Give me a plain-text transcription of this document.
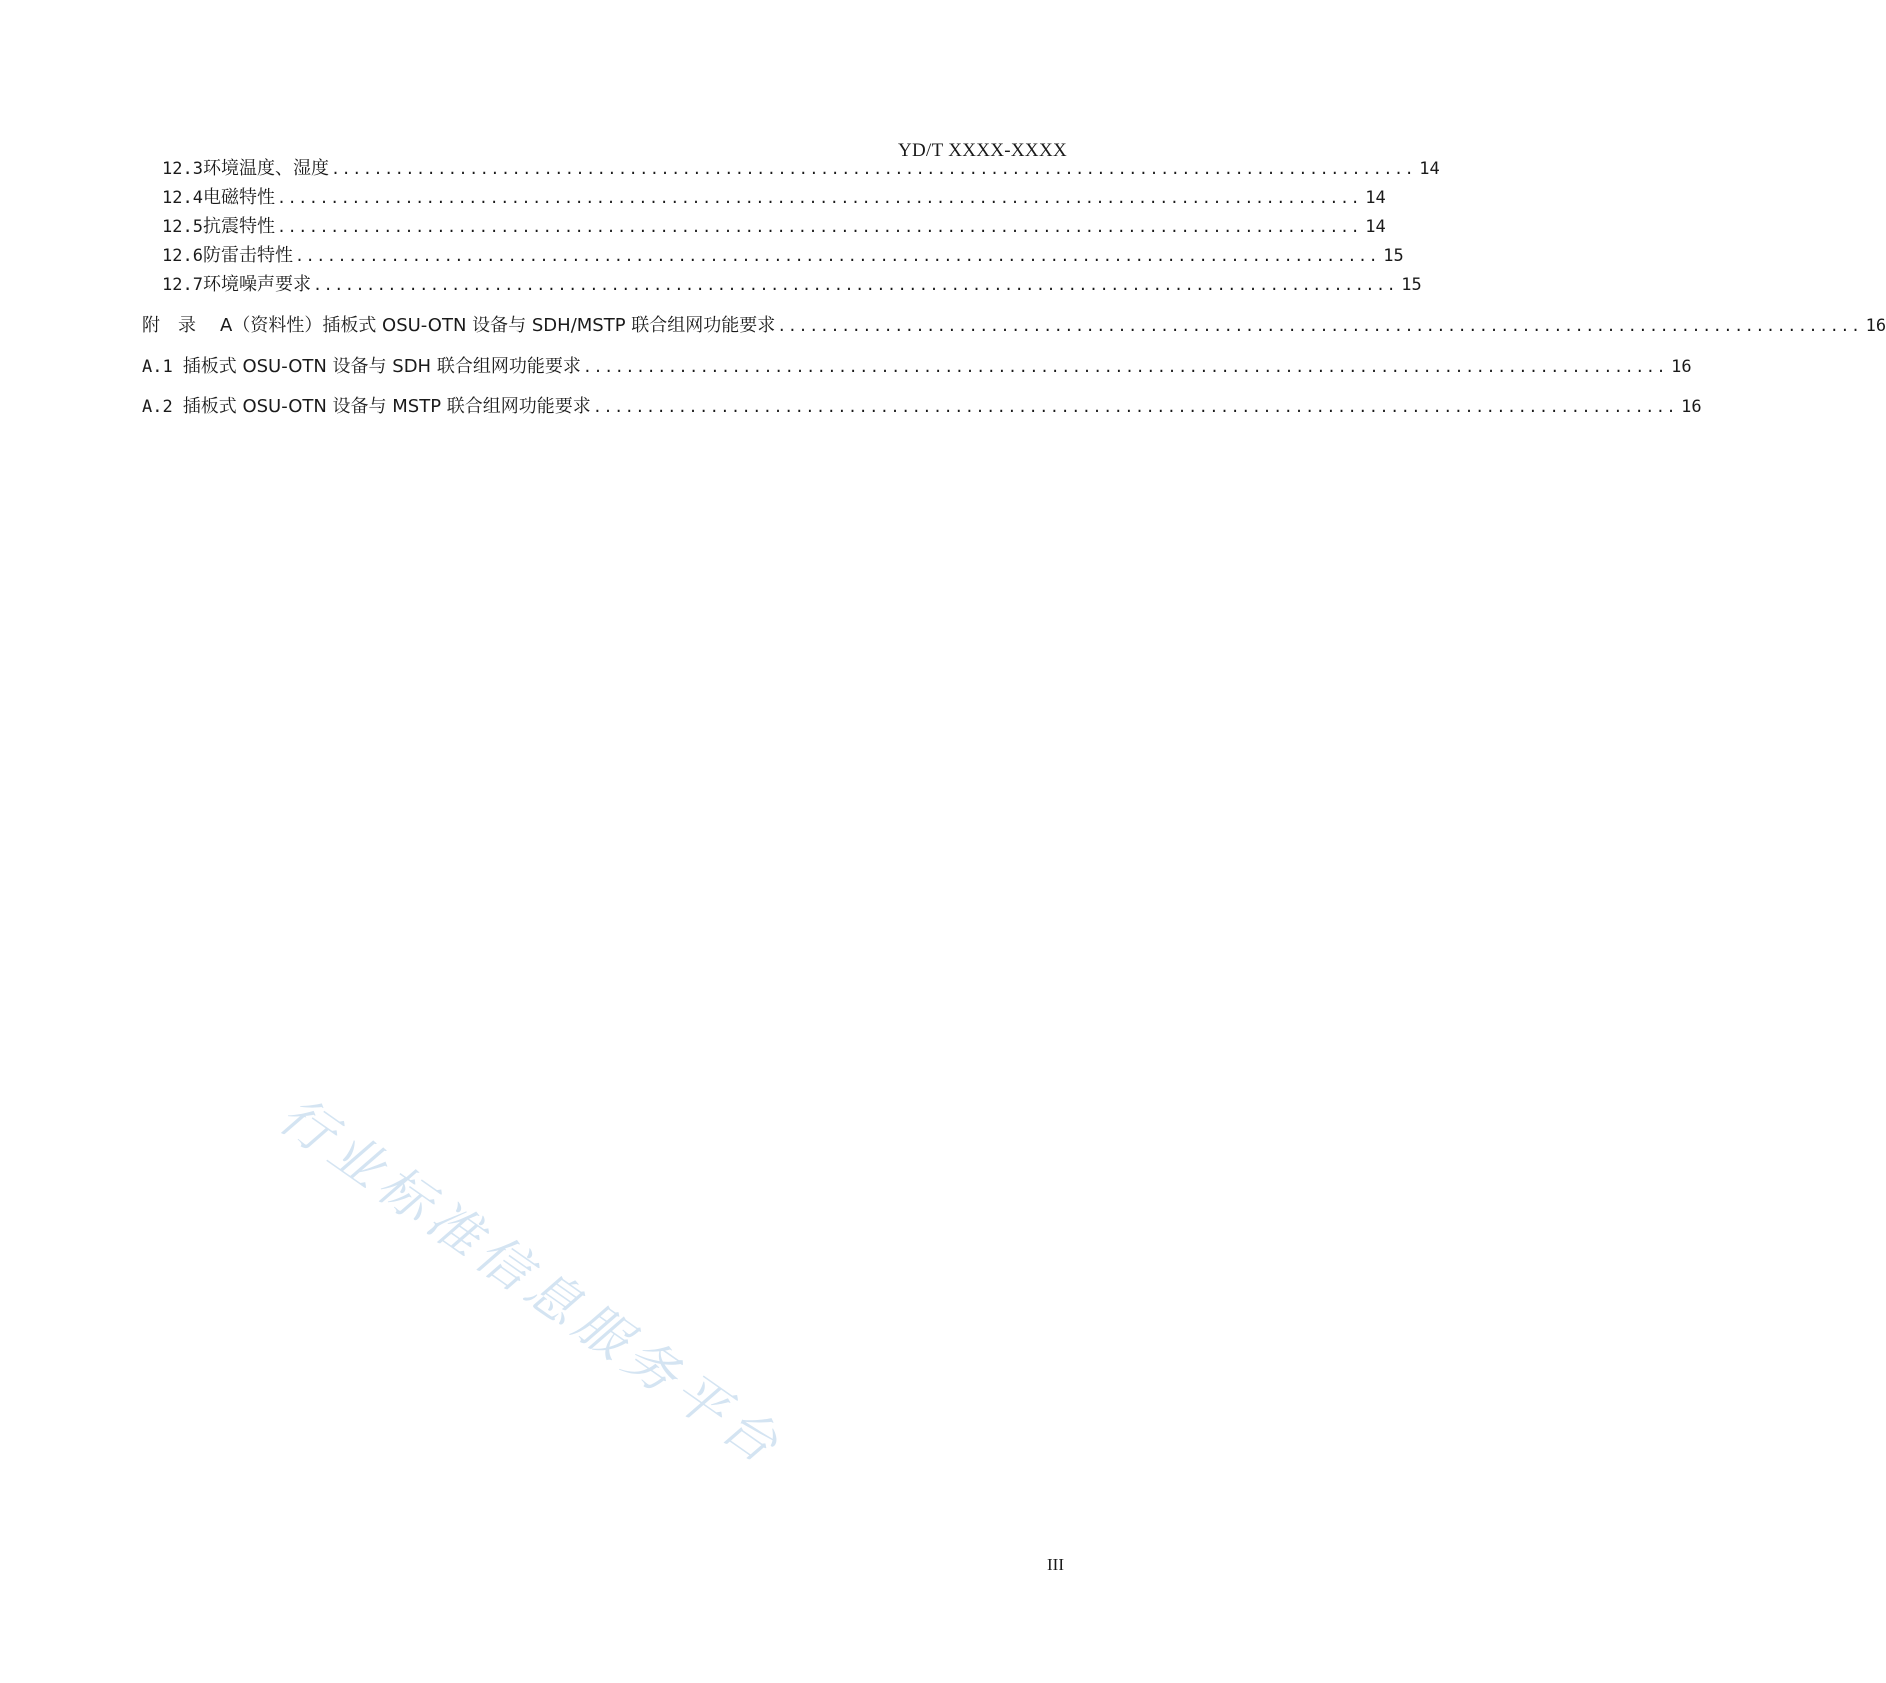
YD/T XXXX-XXXX
12.3 环境温度、湿度 ...................................................................................................... 14
12.4 电磁特性 ...................................................................................................... 14
12.5 抗震特性 ...................................................................................................... 14
12.6 防雷击特性 ...................................................................................................... 15
12.7 环境噪声要求 ...................................................................................................... 15
附　录 A（资料性）插板式 OSU-OTN 设备与 SDH/MSTP 联合组网功能要求 ...................................................................................................... 16
A.1 插板式 OSU-OTN 设备与 SDH 联合组网功能要求 ...................................................................................................... 16
A.2 插板式 OSU-OTN 设备与 MSTP 联合组网功能要求 ...................................................................................................... 16
行业标准信息服务平台
III
